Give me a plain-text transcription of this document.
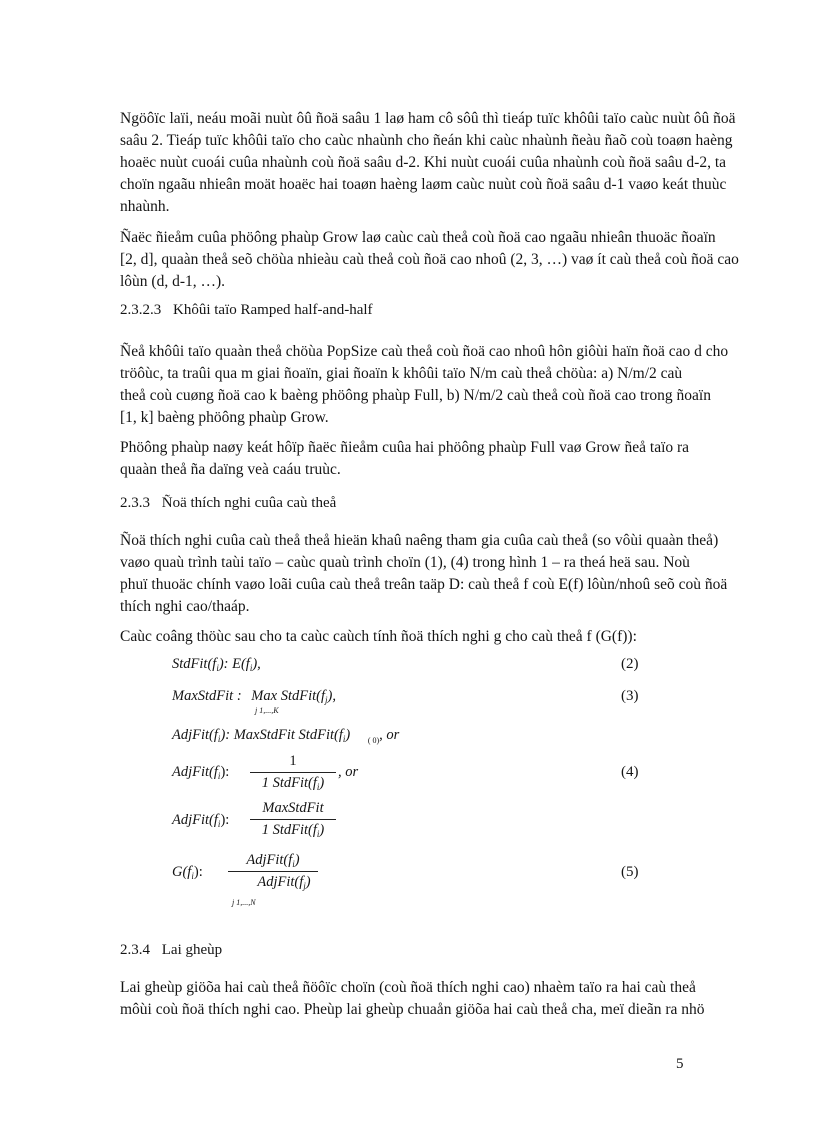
Ngöôïc laïi, neáu moãi nuùt ôû ñoä saâu 1 laø ham cô sôû thì tieáp tuïc khôûi taïo caùc nuùt ôû ñoä
saâu 2. Tieáp tuïc khôûi taïo cho caùc nhaùnh cho ñeán khi caùc nhaùnh ñeàu ñaõ coù toaøn haèng
hoaëc nuùt cuoái cuûa nhaùnh coù ñoä saâu d-2. Khi nuùt cuoái cuûa nhaùnh coù ñoä saâu d-2, ta
choïn ngaãu nhieân moät hoaëc hai toaøn haèng laøm caùc nuùt coù ñoä saâu d-1 vaøo keát thuùc
nhaùnh.
Ñaëc ñieåm cuûa phöông phaùp Grow laø caùc caù theå coù ñoä cao ngaãu nhieân thuoäc ñoaïn
[2, d], quaàn theå seõ chöùa nhieàu caù theå coù ñoä cao nhoû (2, 3, …) vaø ít caù theå coù ñoä cao
lôùn (d, d-1, …).
2.3.2.3 Khôûi taïo Ramped half-and-half
Ñeå khôûi taïo quaàn theå chöùa PopSize caù theå coù ñoä cao nhoû hôn giôùi haïn ñoä cao d cho
tröôùc, ta traûi qua m giai ñoaïn, giai ñoaïn k khôûi taïo N/m caù theå chöùa: a) N/m/2 caù
theå coù cuøng ñoä cao k baèng phöông phaùp Full, b) N/m/2 caù theå coù ñoä cao trong ñoaïn
[1, k] baèng phöông phaùp Grow.
Phöông phaùp naøy keát hôïp ñaëc ñieåm cuûa hai phöông phaùp Full vaø Grow ñeå taïo ra
quaàn theå ña daïng veà caáu truùc.
2.3.3 Ñoä thích nghi cuûa caù theå
Ñoä thích nghi cuûa caù theå theå hieän khaû naêng tham gia cuûa caù theå (so vôùi quaàn theå)
vaøo quaù trình taùi taïo – caùc quaù trình choïn (1), (4) trong hình 1 – ra theá heä sau. Noù
phuï thuoäc chính vaøo loãi cuûa caù theå treân taäp D: caù theå f coù E(f) lôùn/nhoû seõ coù ñoä
thích nghi cao/thaáp.
Caùc coâng thöùc sau cho ta caùc caùch tính ñoä thích nghi g cho caù theå f (G(f)):
$StdFit(f_i)$: $E(f_i)$,	(2)
MaxStdFit : Max $StdFit(f_j)$,
j 1,...,K
(3)
$AdjFit(f_i)$: MaxStdFit $StdFit(f_i)$ $_{( 0)}$, or
$AdjFit(f_i)$:
1
1 $StdFit(f_i)$
, or	(4)
$AdjFit(f_i)$:
MaxStdFit
1 $StdFit(f_i)$
$G(f_i)$:
$AdjFit(f_i)$
$AdjFit(f_j)$
j 1,...,N
(5)
2.3.4 Lai gheùp
Lai gheùp giöõa hai caù theå ñöôïc choïn (coù ñoä thích nghi cao) nhaèm taïo ra hai caù theå
môùi coù ñoä thích nghi cao. Pheùp lai gheùp chuaån giöõa hai caù theå cha, meï dieãn ra nhö
5
